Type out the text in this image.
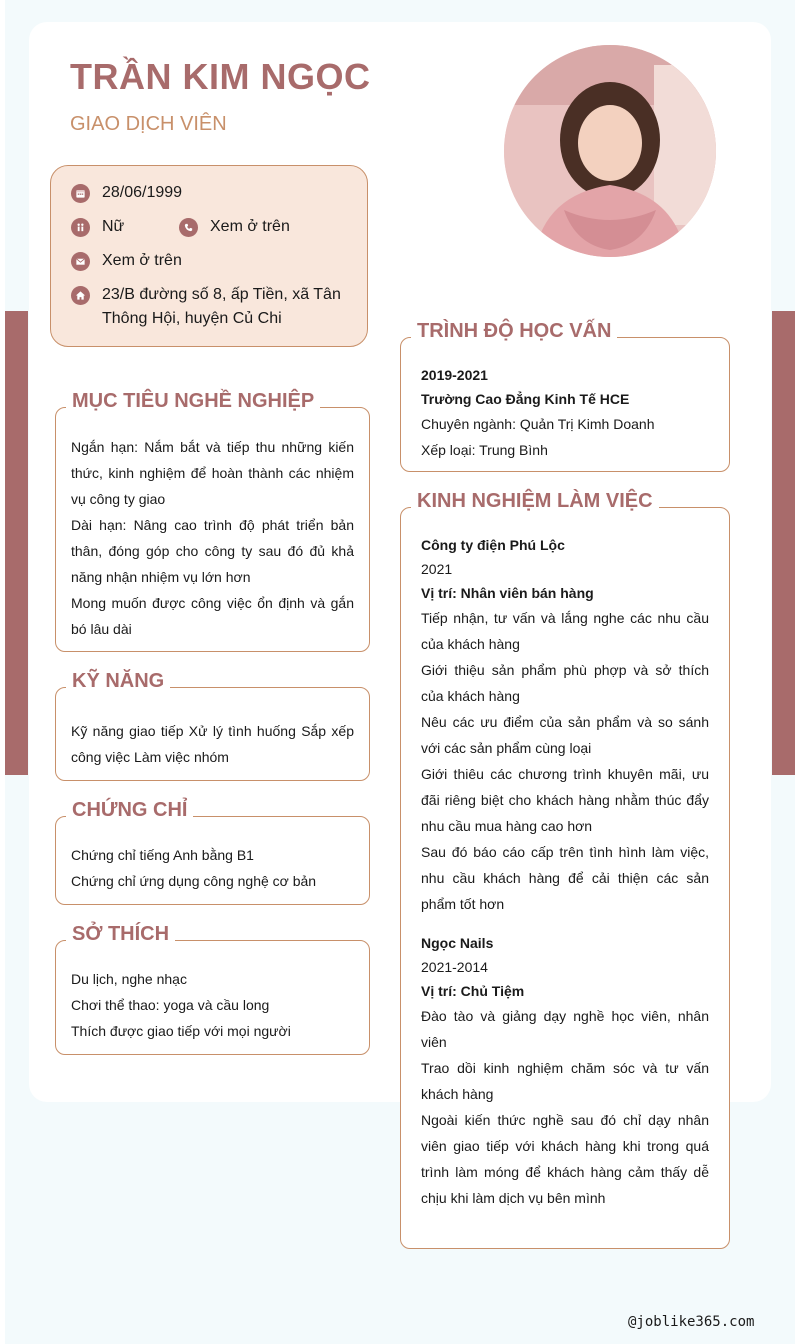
TRẦN KIM NGỌC
GIAO DỊCH VIÊN
28/06/1999
Nữ	Xem ở trên
Xem ở trên
23/B đường số 8, ấp Tiền, xã Tân Thông Hội, huyện Củ Chi
MỤC TIÊU NGHỀ NGHIỆP
Ngắn hạn: Nắm bắt và tiếp thu những kiến thức, kinh nghiệm để hoàn thành các nhiệm vụ công ty giao
Dài hạn: Nâng cao trình độ phát triển bản thân, đóng góp cho công ty sau đó đủ khả năng nhận nhiệm vụ lớn hơn
Mong muốn được công việc ổn định và gắn bó lâu dài
KỸ NĂNG
Kỹ năng giao tiếp Xử lý tình huống Sắp xếp công việc Làm việc nhóm
CHỨNG CHỈ
Chứng chỉ tiếng Anh bằng B1
Chứng chỉ ứng dụng công nghệ cơ bản
SỞ THÍCH
Du lịch, nghe nhạc
Chơi thể thao: yoga và cầu long
Thích được giao tiếp với mọi người
TRÌNH ĐỘ HỌC VẤN
2019-2021
Trường Cao Đẳng Kinh Tế HCE
Chuyên ngành: Quản Trị Kimh Doanh
Xếp loại: Trung Bình
KINH NGHIỆM LÀM VIỆC
Công ty điện Phú Lộc
2021
Vị trí: Nhân viên bán hàng
Tiếp nhận, tư vấn và lắng nghe các nhu cầu của khách hàng
Giới thiệu sản phẩm phù phợp và sở thích của khách hàng
Nêu các ưu điểm của sản phẩm và so sánh với các sản phẩm cùng loại
Giới thiêu các chương trình khuyên mãi, ưu đãi riêng biệt cho khách hàng nhằm thúc đẩy nhu cầu mua hàng cao hơn
Sau đó báo cáo cấp trên tình hình làm việc, nhu cầu khách hàng để cải thiện các sản phẩm tốt hơn
Ngọc Nails
2021-2014
Vị trí: Chủ Tiệm
Đào tào và giảng dạy nghề học viên, nhân viên
Trao dồi kinh nghiệm chăm sóc và tư vấn khách hàng
Ngoài kiến thức nghề sau đó chỉ dạy nhân viên giao tiếp với khách hàng khi trong quá trình làm móng để khách hàng cảm thấy dễ chịu khi làm dịch vụ bên mình
@joblike365.com
